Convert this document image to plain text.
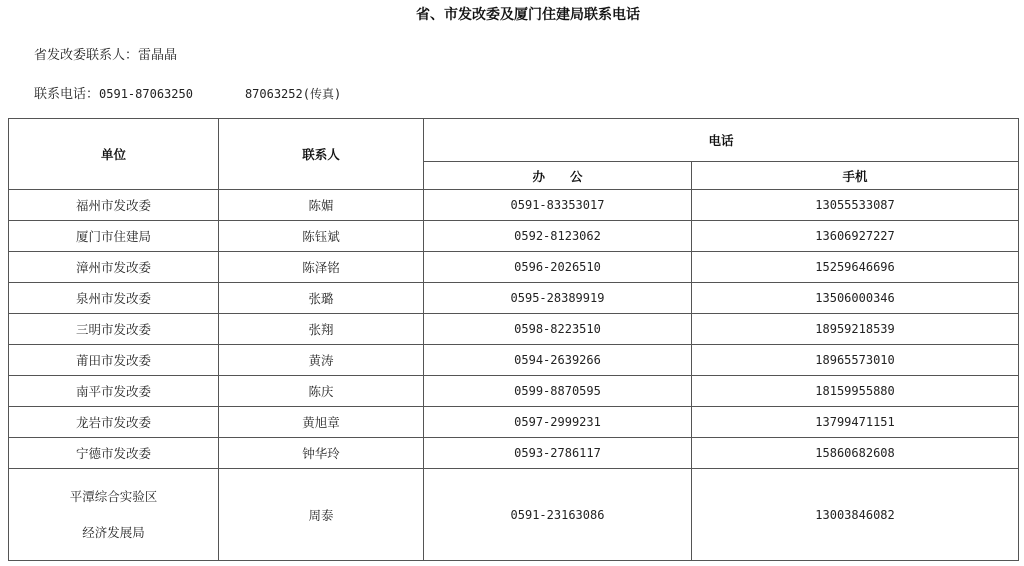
省、市发改委及厦门住建局联系电话
省发改委联系人：雷晶晶
联系电话：0591-87063250	87063252(传真)
单位	联系人	电话	
		办　　公	手机
福州市发改委	陈媚	0591-83353017	13055533087
厦门市住建局	陈钰斌	0592-8123062	13606927227
漳州市发改委	陈泽铭	0596-2026510	15259646696
泉州市发改委	张璐	0595-28389919	13506000346
三明市发改委	张翔	0598-8223510	18959218539
莆田市发改委	黄涛	0594-2639266	18965573010
南平市发改委	陈庆	0599-8870595	18159955880
龙岩市发改委	黄旭章	0597-2999231	13799471151
宁德市发改委	钟华玲	0593-2786117	15860682608

平潭综合实验区
经济发展局	周泰	0591-23163086	13003846082
